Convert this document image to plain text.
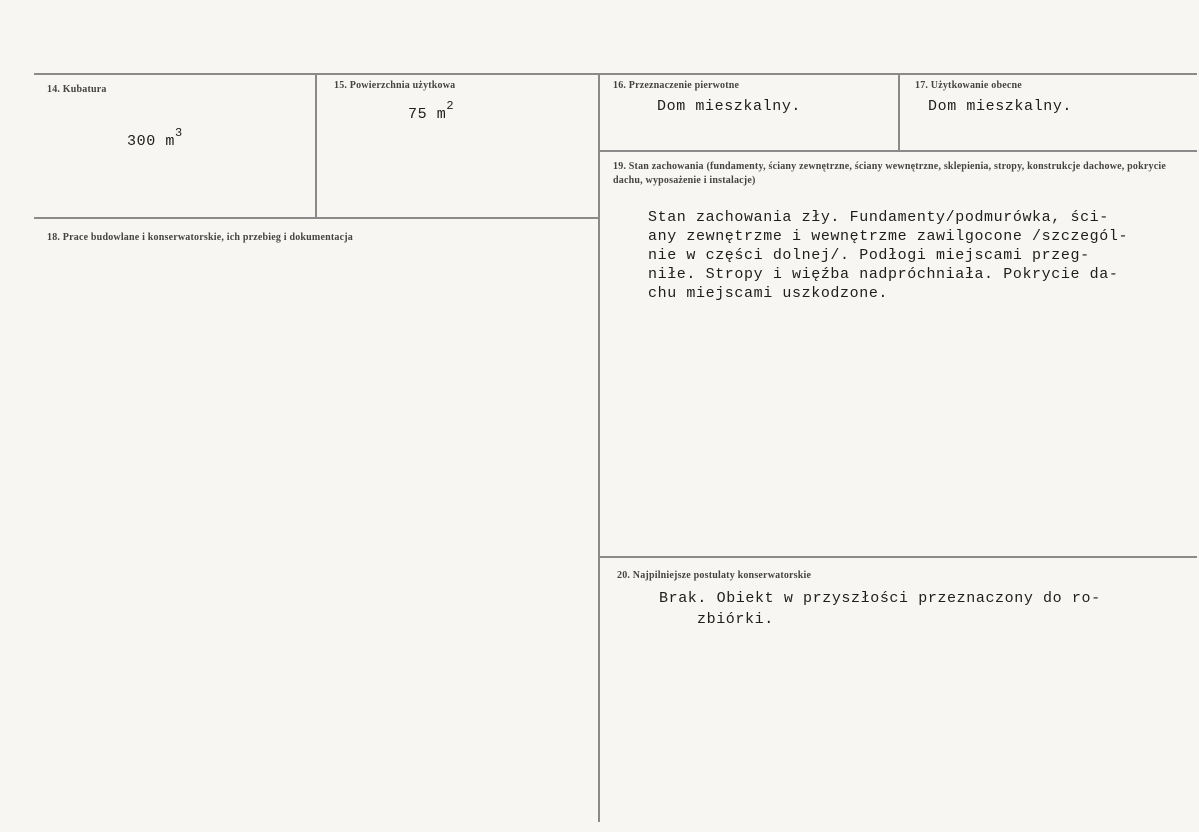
14. Kubatura
300 $m^3$
15. Powierzchnia użytkowa
75 $m^2$
16. Przeznaczenie pierwotne
Dom mieszkalny.
17. Użytkowanie obecne
Dom mieszkalny.
18. Prace budowlane i konserwatorskie, ich przebieg i dokumentacja
19. Stan zachowania (fundamenty, ściany zewnętrzne, ściany wewnętrzne, sklepienia, stropy, konstrukcje dachowe, pokrycie dachu, wyposażenie i instalacje)
Stan zachowania zły. Fundamenty/podmurówka, ści-
any zewnętrzme i wewnętrzme zawilgocone /szczegól-
nie w części dolnej/. Podłogi miejscami przeg-
niłe. Stropy i więźba nadpróchniała. Pokrycie da-
chu miejscami uszkodzone.
20. Najpilniejsze postulaty konserwatorskie
Brak. Obiekt w przyszłości przeznaczony do ro-
zbiórki.
